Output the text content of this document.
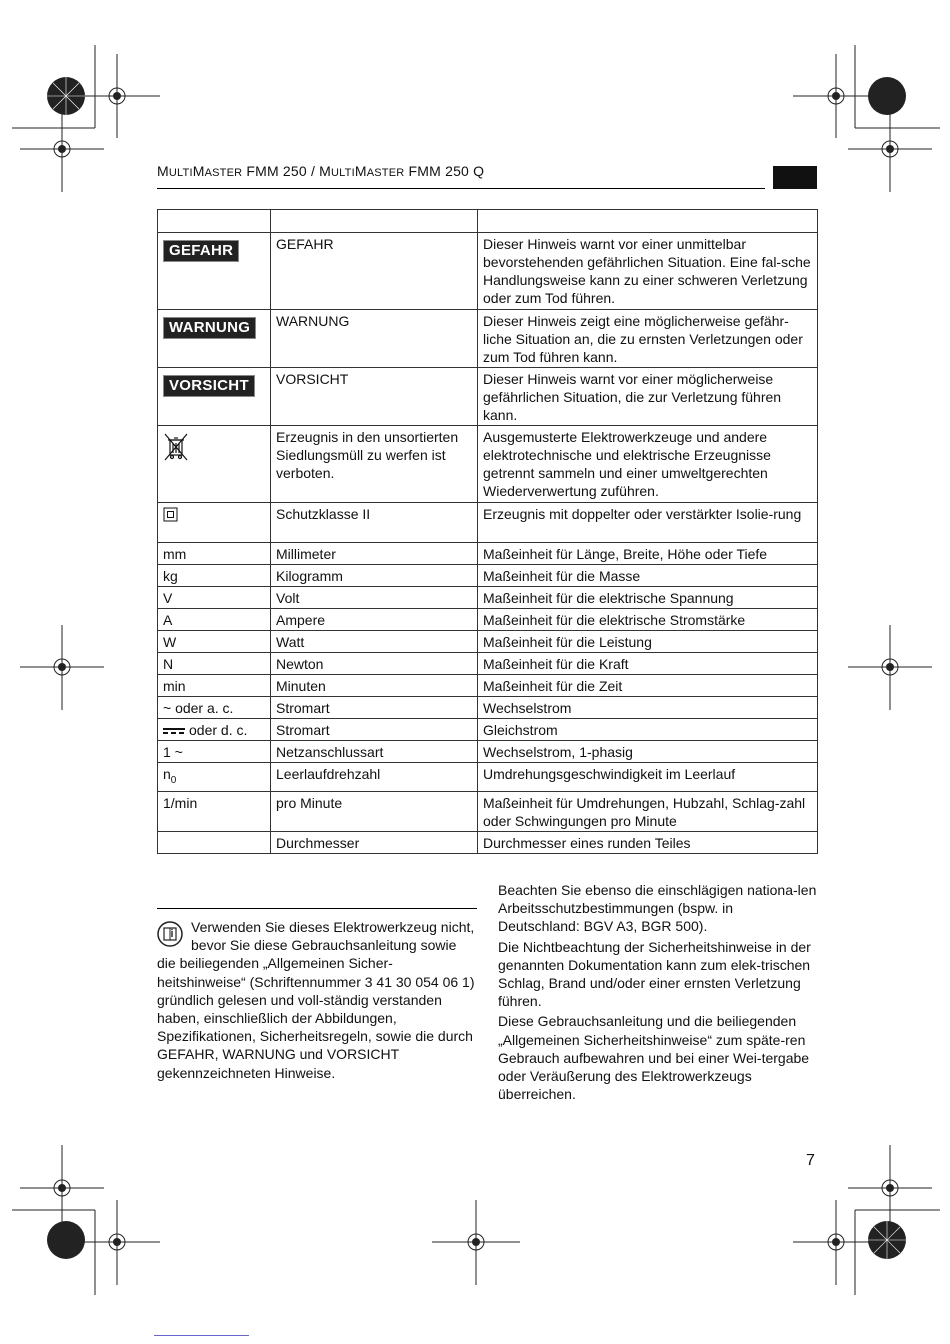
MULTIMASTER FMM 250 / MULTIMASTER FMM 250 Q

GEFAHR	GEFAHR	Dieser Hinweis warnt vor einer unmittelbar bevorstehenden gefährlichen Situation. Eine fal-sche Handlungsweise kann zu einer schweren Verletzung oder zum Tod führen.
WARNUNG	WARNUNG	Dieser Hinweis zeigt eine möglicherweise gefähr-liche Situation an, die zu ernsten Verletzungen oder zum Tod führen kann.
VORSICHT	VORSICHT	Dieser Hinweis warnt vor einer möglicherweise gefährlichen Situation, die zur Verletzung führen kann.
	Erzeugnis in den unsortierten Siedlungsmüll zu werfen ist verboten.	Ausgemusterte Elektrowerkzeuge und andere elektrotechnische und elektrische Erzeugnisse getrennt sammeln und einer umweltgerechten Wiederverwertung zuführen.
	Schutzklasse II	Erzeugnis mit doppelter oder verstärkter Isolie-rung
mm	Millimeter	Maßeinheit für Länge, Breite, Höhe oder Tiefe
kg	Kilogramm	Maßeinheit für die Masse
V	Volt	Maßeinheit für die elektrische Spannung
A	Ampere	Maßeinheit für die elektrische Stromstärke
W	Watt	Maßeinheit für die Leistung
N	Newton	Maßeinheit für die Kraft
min	Minuten	Maßeinheit für die Zeit
~ oder a. c.	Stromart	Wechselstrom

oder d. c.	Stromart	Gleichstrom
1 ~	Netzanschlussart	Wechselstrom, 1-phasig
$n_0$	Leerlaufdrehzahl	Umdrehungsgeschwindigkeit im Leerlauf
1/min	pro Minute	Maßeinheit für Umdrehungen, Hubzahl, Schlag-zahl oder Schwingungen pro Minute
	Durchmesser	Durchmesser eines runden Teiles

Verwenden Sie dieses Elektrowerkzeug nicht, bevor Sie diese Gebrauchsanleitung sowie die beiliegenden „Allgemeinen Sicher-heitshinweise“ (Schriftennummer 3 41 30 054 06 1) gründlich gelesen und voll-ständig verstanden haben, einschließlich der Abbildungen, Spezifikationen, Sicherheitsregeln, sowie die durch GEFAHR, WARNUNG und VORSICHT gekennzeichneten Hinweise.

Beachten Sie ebenso die einschlägigen nationa-len Arbeitsschutzbestimmungen (bspw. in Deutschland: BGV A3, BGR 500).

Die Nichtbeachtung der Sicherheitshinweise in der genannten Dokumentation kann zum elek-trischen Schlag, Brand und/oder einer ernsten Verletzung führen.

Diese Gebrauchsanleitung und die beiliegenden „Allgemeinen Sicherheitshinweise“ zum späte-ren Gebrauch aufbewahren und bei einer Wei-tergabe oder Veräußerung des Elektrowerkzeugs überreichen.

7
